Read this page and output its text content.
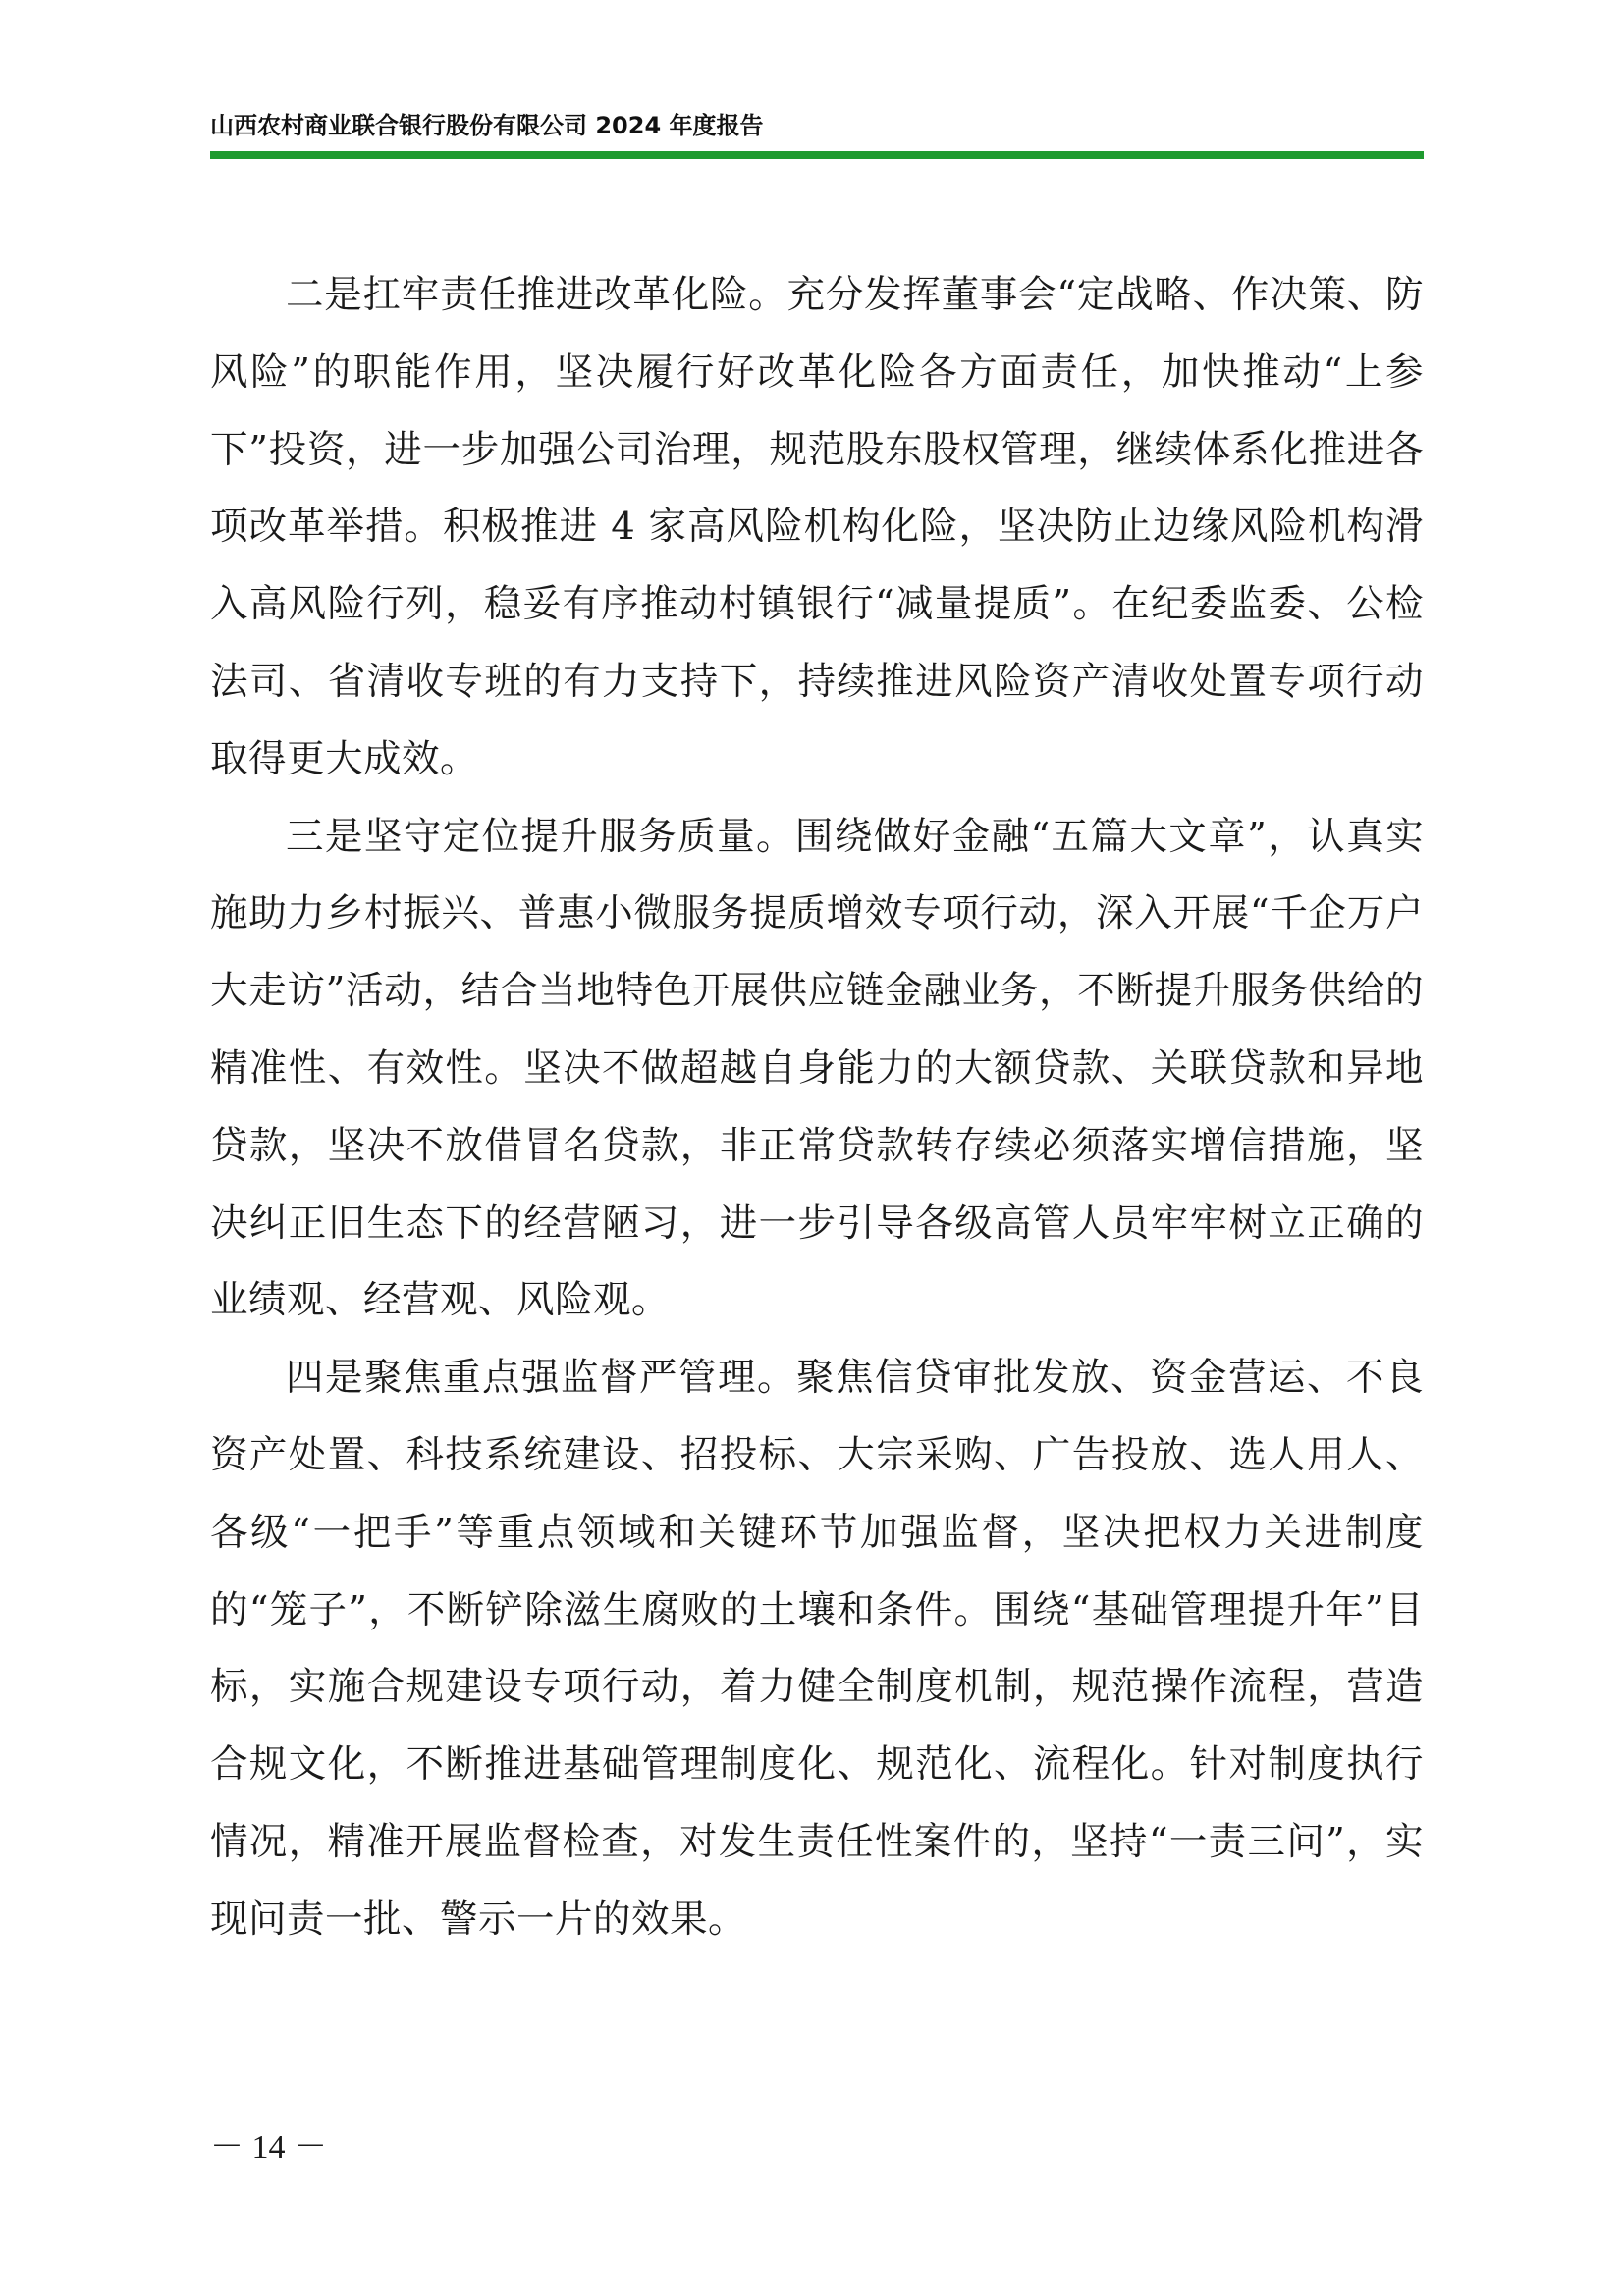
山西农村商业联合银行股份有限公司 2024 年度报告

二是扛牢责任推进改革化险。充分发挥董事会“定战略、作决策、防风险”的职能作用，坚决履行好改革化险各方面责任，加快推动“上参下”投资，进一步加强公司治理，规范股东股权管理，继续体系化推进各项改革举措。积极推进 4 家高风险机构化险，坚决防止边缘风险机构滑入高风险行列，稳妥有序推动村镇银行“减量提质”。在纪委监委、公检法司、省清收专班的有力支持下，持续推进风险资产清收处置专项行动取得更大成效。

三是坚守定位提升服务质量。围绕做好金融“五篇大文章”，认真实施助力乡村振兴、普惠小微服务提质增效专项行动，深入开展“千企万户大走访”活动，结合当地特色开展供应链金融业务，不断提升服务供给的精准性、有效性。坚决不做超越自身能力的大额贷款、关联贷款和异地贷款，坚决不放借冒名贷款，非正常贷款转存续必须落实增信措施，坚决纠正旧生态下的经营陋习，进一步引导各级高管人员牢牢树立正确的业绩观、经营观、风险观。

四是聚焦重点强监督严管理。聚焦信贷审批发放、资金营运、不良资产处置、科技系统建设、招投标、大宗采购、广告投放、选人用人、各级“一把手”等重点领域和关键环节加强监督，坚决把权力关进制度的“笼子”，不断铲除滋生腐败的土壤和条件。围绕“基础管理提升年”目标，实施合规建设专项行动，着力健全制度机制，规范操作流程，营造合规文化，不断推进基础管理制度化、规范化、流程化。针对制度执行情况，精准开展监督检查，对发生责任性案件的，坚持“一责三问”，实现问责一批、警示一片的效果。

－ 14 －
